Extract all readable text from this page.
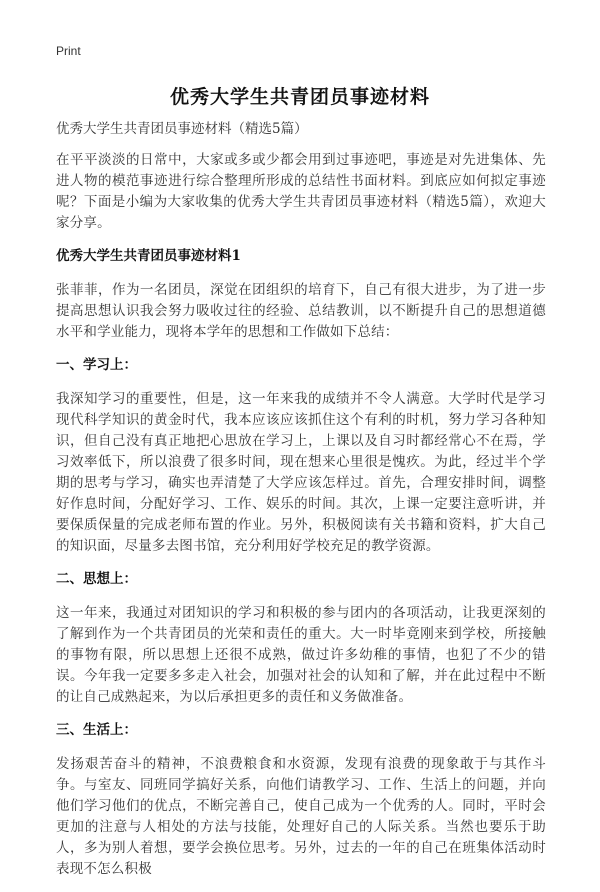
Print
优秀大学生共青团员事迹材料
优秀大学生共青团员事迹材料（精选5篇）

在平平淡淡的日常中，大家或多或少都会用到过事迹吧，事迹是对先进集体、先进人物的模范事迹进行综合整理所形成的总结性书面材料。到底应如何拟定事迹呢？下面是小编为大家收集的优秀大学生共青团员事迹材料（精选5篇），欢迎大家分享。

优秀大学生共青团员事迹材料1

张菲菲，作为一名团员，深觉在团组织的培育下，自己有很大进步，为了进一步提高思想认识我会努力吸收过往的经验、总结教训，以不断提升自己的思想道德水平和学业能力，现将本学年的思想和工作做如下总结：

一、学习上：

我深知学习的重要性，但是，这一年来我的成绩并不令人满意。大学时代是学习现代科学知识的黄金时代，我本应该应该抓住这个有利的时机，努力学习各种知识，但自己没有真正地把心思放在学习上，上课以及自习时都经常心不在焉，学习效率低下，所以浪费了很多时间，现在想来心里很是愧疚。为此，经过半个学期的思考与学习，确实也弄清楚了大学应该怎样过。首先，合理安排时间，调整好作息时间，分配好学习、工作、娱乐的时间。其次，上课一定要注意听讲，并要保质保量的完成老师布置的作业。另外，积极阅读有关书籍和资料，扩大自己的知识面，尽量多去图书馆，充分利用好学校充足的教学资源。

二、思想上：

这一年来，我通过对团知识的学习和积极的参与团内的各项活动，让我更深刻的了解到作为一个共青团员的光荣和责任的重大。大一时毕竟刚来到学校，所接触的事物有限，所以思想上还很不成熟，做过许多幼稚的事情，也犯了不少的错误。今年我一定要多多走入社会，加强对社会的认知和了解，并在此过程中不断的让自己成熟起来，为以后承担更多的责任和义务做准备。

三、生活上：

发扬艰苦奋斗的精神，不浪费粮食和水资源，发现有浪费的现象敢于与其作斗争。与室友、同班同学搞好关系，向他们请教学习、工作、生活上的问题，并向他们学习他们的优点，不断完善自己，使自己成为一个优秀的人。同时，平时会更加的注意与人相处的方法与技能，处理好自己的人际关系。当然也要乐于助人，多为别人着想，要学会换位思考。另外，过去的一年的自己在班集体活动时表现不怎么积极
